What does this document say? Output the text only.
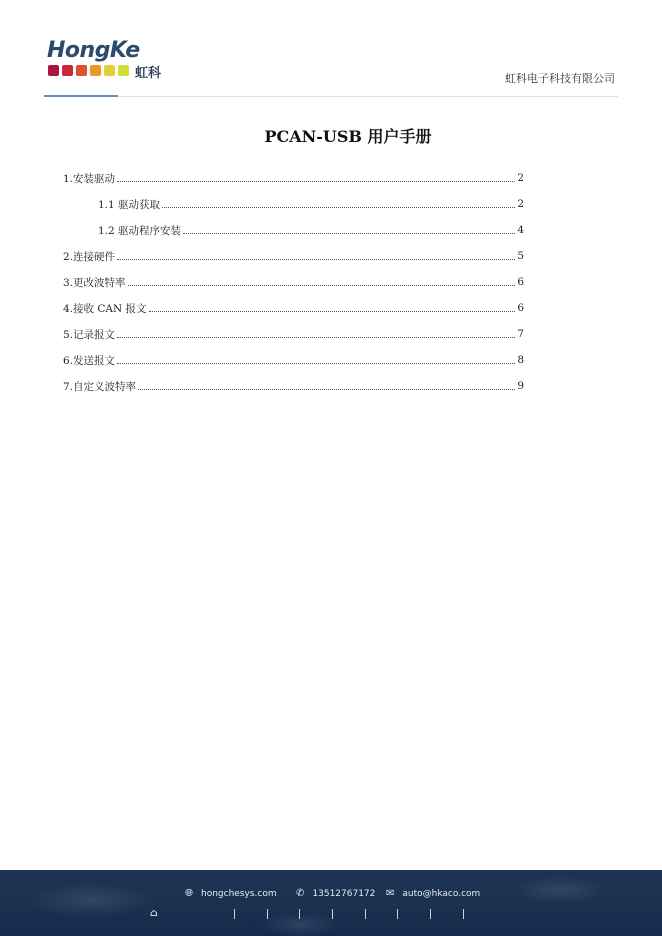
HongKe
虹科	虹科电子科技有限公司
PCAN-USB 用户手册
1.安装驱动	2
1.1 驱动获取	2
1.2 驱动程序安装	4
2.连接硬件	5
3.更改波特率	6
4.接收 CAN 报文	6
5.记录报文	7
6.发送报文	8
7.自定义波特率	9
🌐︎ hongchesys.com ✆ 13512767172 ✉ auto@hkaco.com
⌂
